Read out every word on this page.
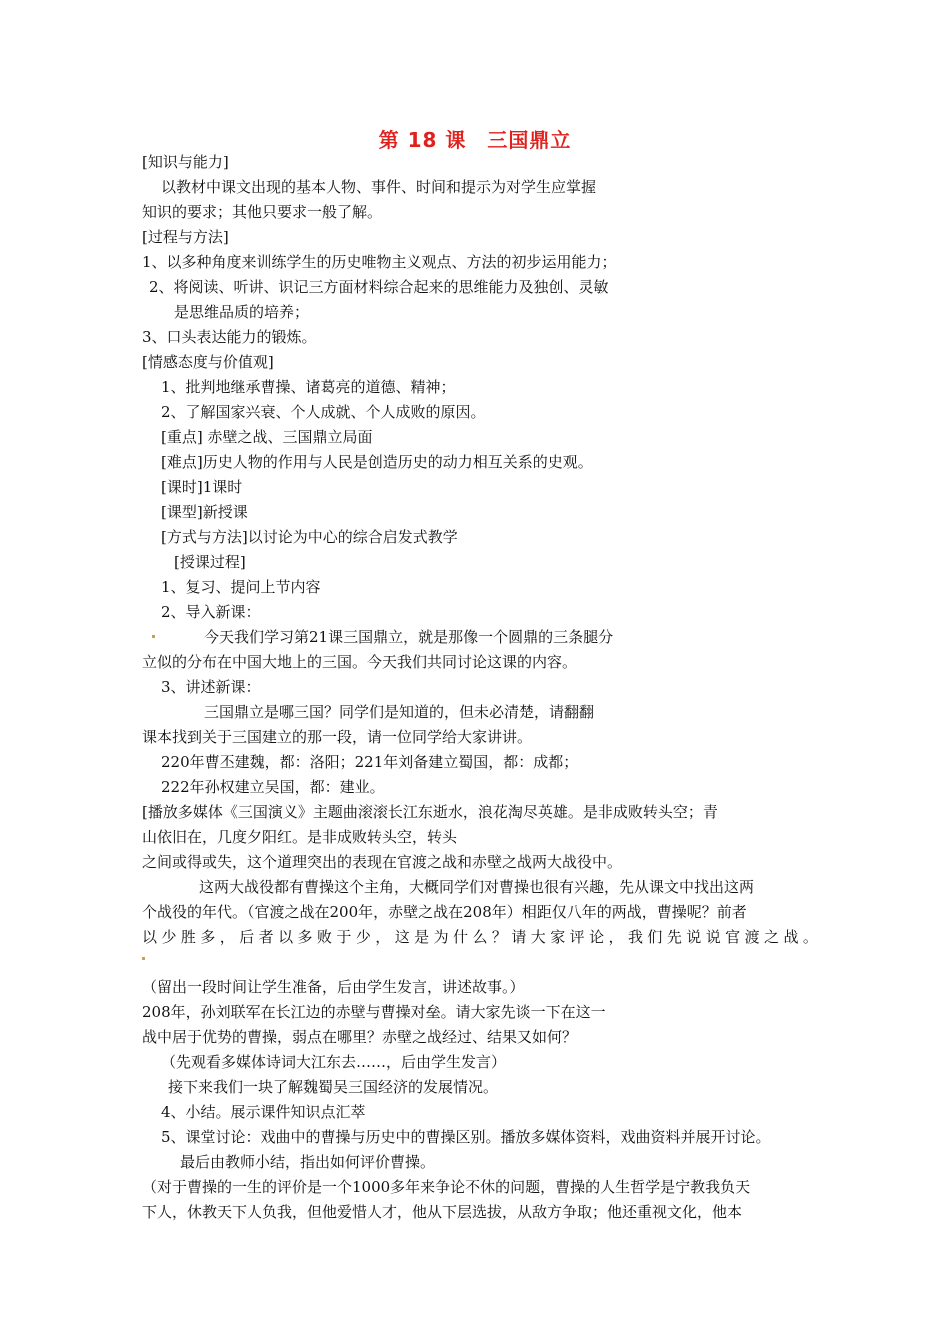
第 18 课　三国鼎立
[知识与能力]
以教材中课文出现的基本人物、事件、时间和提示为对学生应掌握
知识的要求；其他只要求一般了解。
[过程与方法]
1、以多种角度来训练学生的历史唯物主义观点、方法的初步运用能力；
2、将阅读、听讲、识记三方面材料综合起来的思维能力及独创、灵敏
是思维品质的培养；
3、口头表达能力的锻炼。
[情感态度与价值观]
1、批判地继承曹操、诸葛亮的道德、精神；
2、了解国家兴衰、个人成就、个人成败的原因。
[重点] 赤壁之战、三国鼎立局面
[难点]历史人物的作用与人民是创造历史的动力相互关系的史观。
[课时]1课时
[课型]新授课
[方式与方法]以讨论为中心的综合启发式教学
[授课过程]
1、复习、提问上节内容
2、导入新课：
今天我们学习第21课三国鼎立，就是那像一个圆鼎的三条腿分
立似的分布在中国大地上的三国。今天我们共同讨论这课的内容。
3、讲述新课：
三国鼎立是哪三国？同学们是知道的，但未必清楚，请翻翻
课本找到关于三国建立的那一段，请一位同学给大家讲讲。
220年曹丕建魏，都：洛阳；221年刘备建立蜀国，都：成都；
222年孙权建立吴国，都：建业。
[播放多媒体《三国演义》主题曲滚滚长江东逝水，浪花淘尽英雄。是非成败转头空；青
山依旧在，几度夕阳红。是非成败转头空，转头
之间或得或失，这个道理突出的表现在官渡之战和赤壁之战两大战役中。
这两大战役都有曹操这个主角，大概同学们对曹操也很有兴趣，先从课文中找出这两
个战役的年代。（官渡之战在200年，赤壁之战在208年）相距仅八年的两战，曹操呢？前者
以 少 胜 多 ， 后 者 以 多 败 于 少 ， 这 是 为 什 么 ？ 请 大 家 评 论 ， 我 们 先 说 说 官 渡 之 战 。
（留出一段时间让学生准备，后由学生发言，讲述故事。）
208年，孙刘联军在长江边的赤壁与曹操对垒。请大家先谈一下在这一
战中居于优势的曹操，弱点在哪里？赤壁之战经过、结果又如何？
（先观看多媒体诗词大江东去……，后由学生发言）
接下来我们一块了解魏蜀吴三国经济的发展情况。
4、小结。展示课件知识点汇萃
5、课堂讨论：戏曲中的曹操与历史中的曹操区别。播放多媒体资料，戏曲资料并展开讨论。
最后由教师小结，指出如何评价曹操。
（对于曹操的一生的评价是一个1000多年来争论不休的问题，曹操的人生哲学是宁教我负天
下人，休教天下人负我，但他爱惜人才，他从下层选拔，从敌方争取；他还重视文化，他本
